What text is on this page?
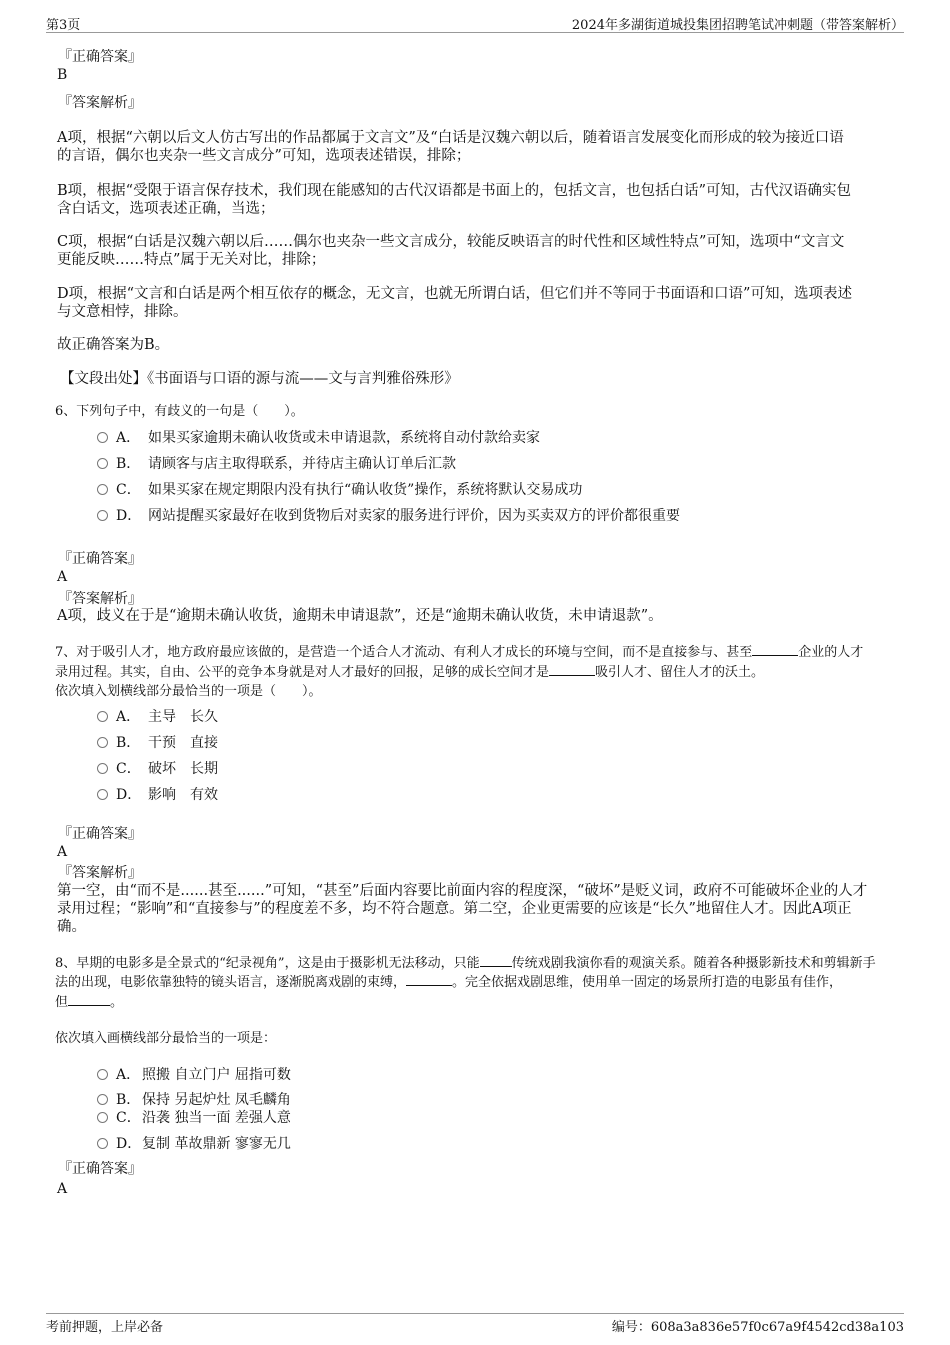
第3页	2024年多湖街道城投集团招聘笔试冲刺题（带答案解析）
『正确答案』
B
『答案解析』
A项，根据“六朝以后文人仿古写出的作品都属于文言文”及“白话是汉魏六朝以后，随着语言发展变化而形成的较为接近口语
的言语，偶尔也夹杂一些文言成分”可知，选项表述错误，排除；
B项，根据“受限于语言保存技术，我们现在能感知的古代汉语都是书面上的，包括文言，也包括白话”可知，古代汉语确实包
含白话文，选项表述正确，当选；
C项，根据“白话是汉魏六朝以后……偶尔也夹杂一些文言成分，较能反映语言的时代性和区域性特点”可知，选项中“文言文
更能反映……特点”属于无关对比，排除；
D项，根据“文言和白话是两个相互依存的概念，无文言，也就无所谓白话，但它们并不等同于书面语和口语”可知，选项表述
与文意相悖，排除。
故正确答案为B。
【文段出处】《书面语与口语的源与流——文与言判雅俗殊形》
6、下列句子中，有歧义的一句是（　　）。
A． 如果买家逾期未确认收货或未申请退款，系统将自动付款给卖家
B． 请顾客与店主取得联系，并待店主确认订单后汇款
C． 如果买家在规定期限内没有执行“确认收货”操作，系统将默认交易成功
D． 网站提醒买家最好在收到货物后对卖家的服务进行评价，因为买卖双方的评价都很重要
『正确答案』
A
『答案解析』
A项，歧义在于是“逾期未确认收货，逾期未申请退款”，还是“逾期未确认收货，未申请退款”。
7、对于吸引人才，地方政府最应该做的，是营造一个适合人才流动、有利人才成长的环境与空间，而不是直接参与、甚至	企业的人才
录用过程。其实，自由、公平的竞争本身就是对人才最好的回报，足够的成长空间才是	吸引人才、留住人才的沃土。
依次填入划横线部分最恰当的一项是（　　）。
A． 主导 长久
B． 干预 直接
C． 破坏 长期
D． 影响 有效
『正确答案』
A
『答案解析』
第一空，由“而不是......甚至......”可知，“甚至”后面内容要比前面内容的程度深，“破坏”是贬义词，政府不可能破坏企业的人才
录用过程；“影响”和“直接参与”的程度差不多，均不符合题意。第二空，企业更需要的应该是“长久”地留住人才。因此A项正
确。
8、早期的电影多是全景式的“纪录视角”，这是由于摄影机无法移动，只能 传统戏剧我演你看的观演关系。随着各种摄影新技术和剪辑新手
法的出现，电影依靠独特的镜头语言，逐渐脱离戏剧的束缚，	。完全依据戏剧思维，使用单一固定的场景所打造的电影虽有佳作，
但	。
依次填入画横线部分最恰当的一项是：
A． 照搬 自立门户 屈指可数
B． 保持 另起炉灶 凤毛麟角
C．沿袭 独当一面 差强人意
D．复制 革故鼎新 寥寥无几
『正确答案』
A
考前押题，上岸必备	编号：608a3a836e57f0c67a9f4542cd38a103
